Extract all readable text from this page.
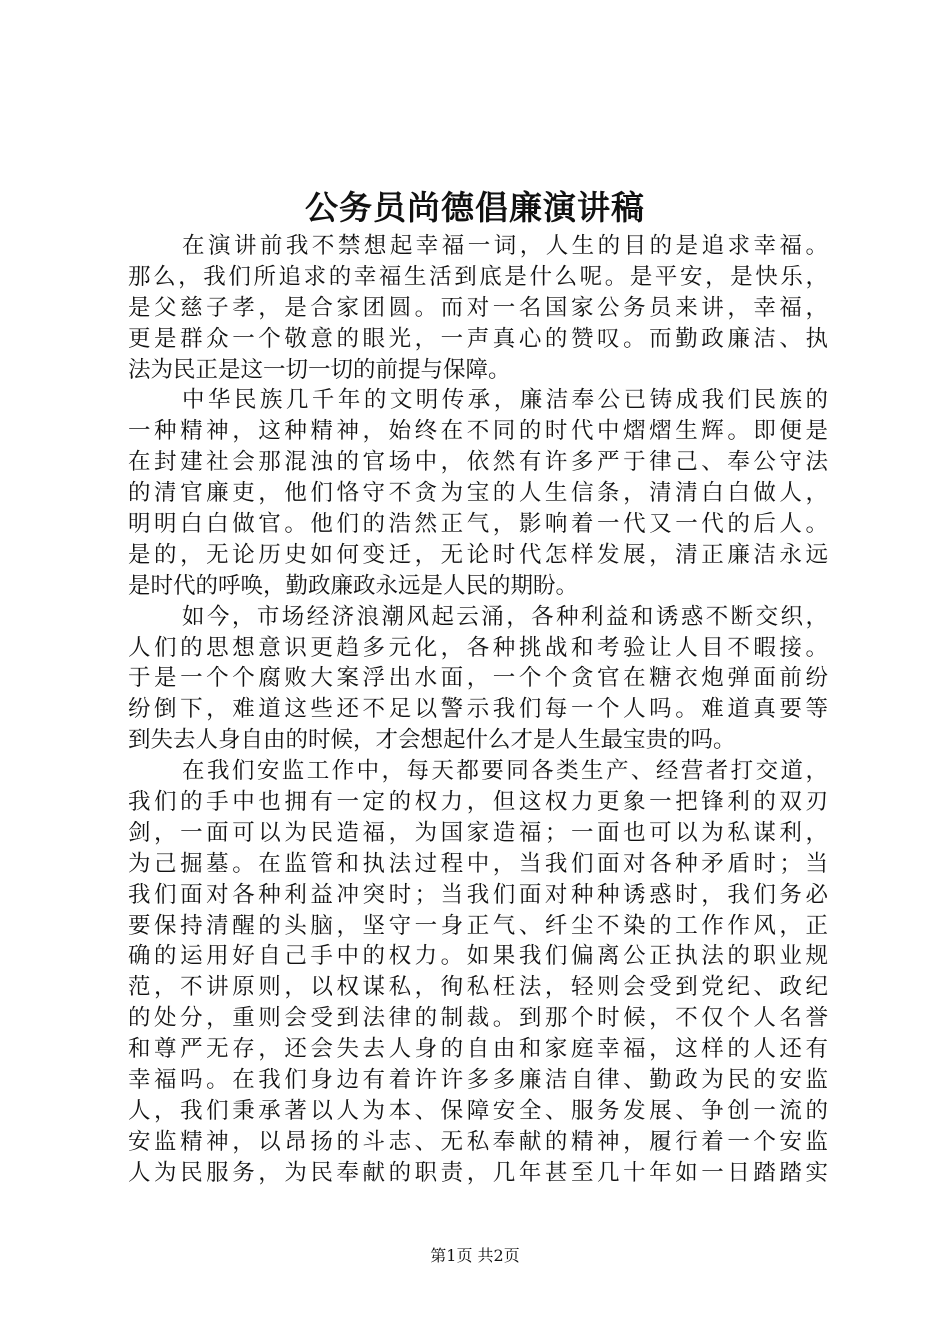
公务员尚德倡廉演讲稿
在演讲前我不禁想起幸福一词，人生的目的是追求幸福。
那么，我们所追求的幸福生活到底是什么呢。是平安，是快乐，
是父慈子孝，是合家团圆。而对一名国家公务员来讲，幸福，
更是群众一个敬意的眼光，一声真心的赞叹。而勤政廉洁、执
法为民正是这一切一切的前提与保障。
中华民族几千年的文明传承，廉洁奉公已铸成我们民族的
一种精神，这种精神，始终在不同的时代中熠熠生辉。即便是
在封建社会那混浊的官场中，依然有许多严于律己、奉公守法
的清官廉吏，他们恪守不贪为宝的人生信条，清清白白做人，
明明白白做官。他们的浩然正气，影响着一代又一代的后人。
是的，无论历史如何变迁，无论时代怎样发展，清正廉洁永远
是时代的呼唤，勤政廉政永远是人民的期盼。
如今，市场经济浪潮风起云涌，各种利益和诱惑不断交织，
人们的思想意识更趋多元化，各种挑战和考验让人目不暇接。
于是一个个腐败大案浮出水面，一个个贪官在糖衣炮弹面前纷
纷倒下，难道这些还不足以警示我们每一个人吗。难道真要等
到失去人身自由的时候，才会想起什么才是人生最宝贵的吗。
在我们安监工作中，每天都要同各类生产、经营者打交道，
我们的手中也拥有一定的权力，但这权力更象一把锋利的双刃
剑，一面可以为民造福，为国家造福；一面也可以为私谋利，
为己掘墓。在监管和执法过程中，当我们面对各种矛盾时；当
我们面对各种利益冲突时；当我们面对种种诱惑时，我们务必
要保持清醒的头脑，坚守一身正气、纤尘不染的工作作风，正
确的运用好自己手中的权力。如果我们偏离公正执法的职业规
范，不讲原则，以权谋私，徇私枉法，轻则会受到党纪、政纪
的处分，重则会受到法律的制裁。到那个时候，不仅个人名誉
和尊严无存，还会失去人身的自由和家庭幸福，这样的人还有
幸福吗。在我们身边有着许许多多廉洁自律、勤政为民的安监
人，我们秉承著以人为本、保障安全、服务发展、争创一流的
安监精神，以昂扬的斗志、无私奉献的精神，履行着一个安监
人为民服务，为民奉献的职责，几年甚至几十年如一日踏踏实
第1页 共2页
